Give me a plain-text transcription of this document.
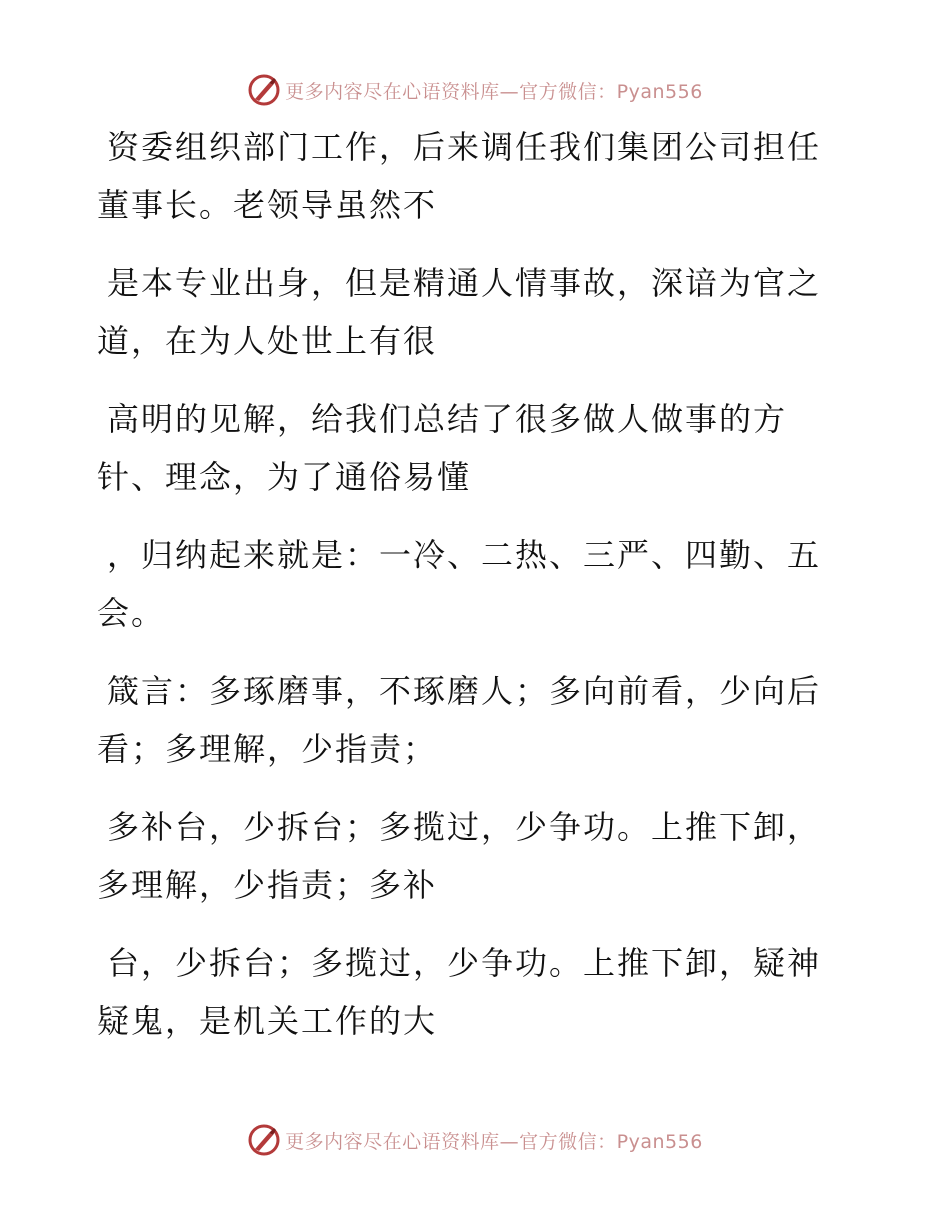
更多内容尽在心语资料库—官方微信：Pyan556
资委组织部门工作，后来调任我们集团公司担任
董事长。老领导虽然不
是本专业出身，但是精通人情事故，深谙为官之
道，在为人处世上有很
高明的见解，给我们总结了很多做人做事的方
针、理念，为了通俗易懂
，归纳起来就是：一冷、二热、三严、四勤、五
会。
箴言：多琢磨事，不琢磨人；多向前看，少向后
看；多理解，少指责；
多补台，少拆台；多揽过，少争功。上推下卸，
多理解，少指责；多补
台，少拆台；多揽过，少争功。上推下卸，疑神
疑鬼，是机关工作的大
更多内容尽在心语资料库—官方微信：Pyan556
